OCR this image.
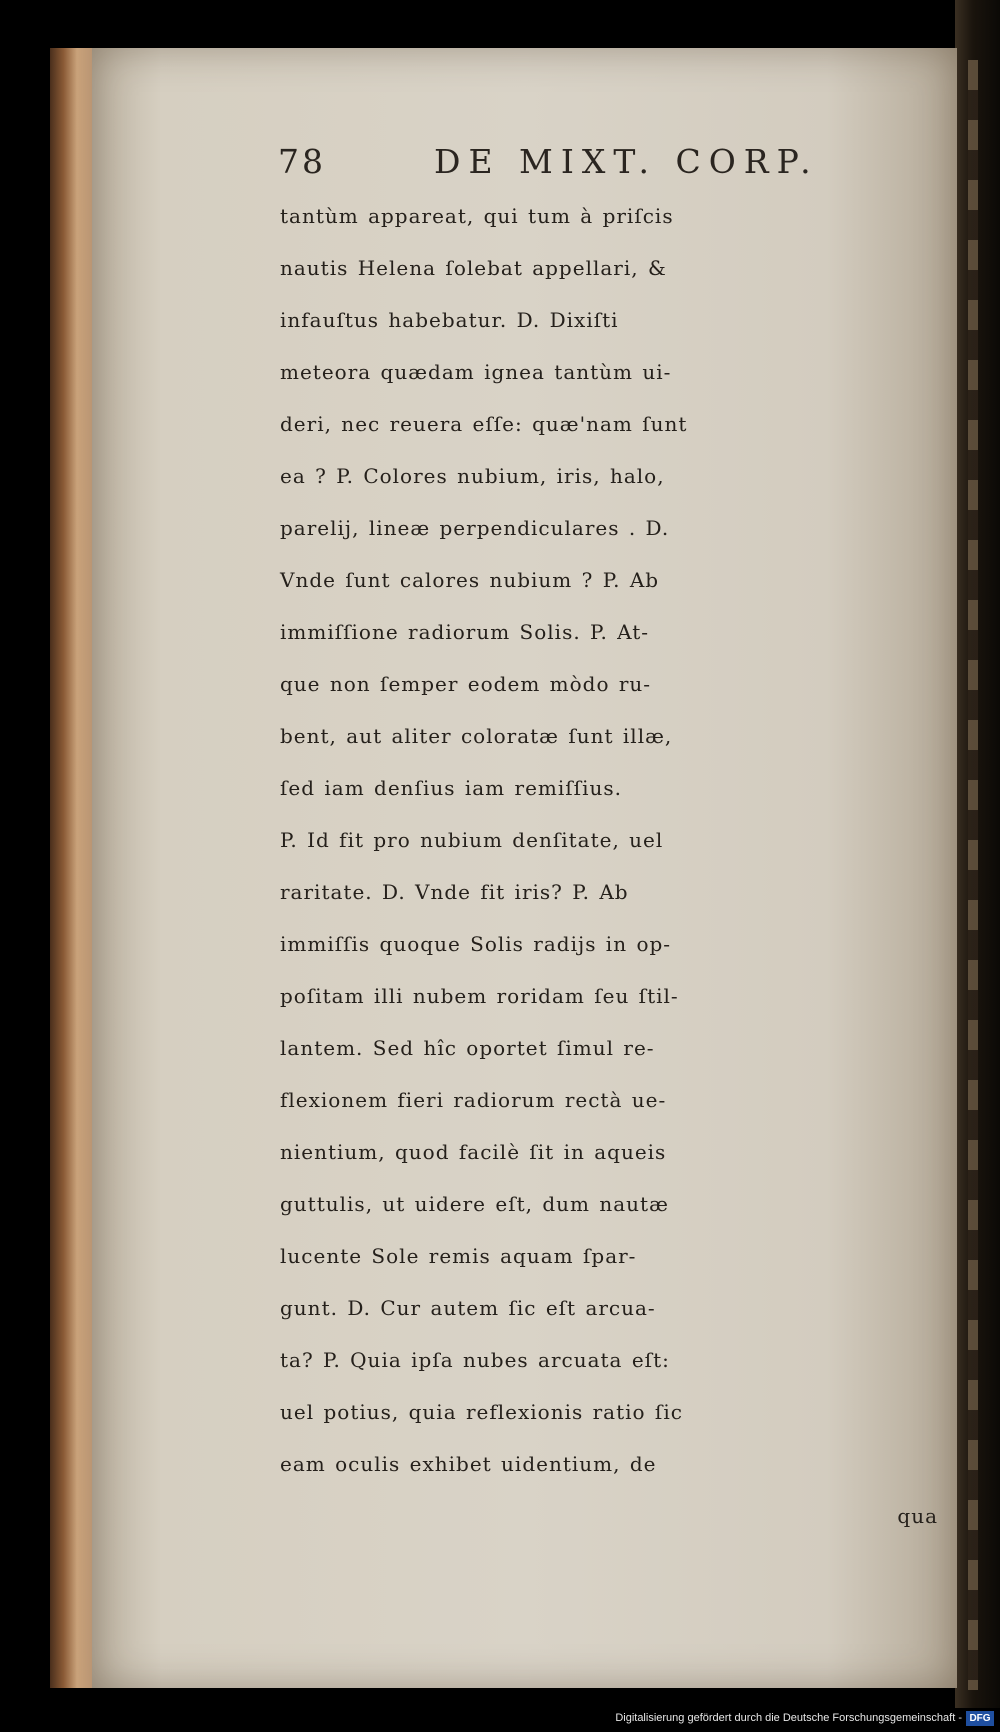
78	DE MIXT. CORP.
tantùm appareat, qui tum à priſcis
nautis Helena ſolebat appellari, &
infauſtus habebatur. D. Dixiſti
meteora quædam ignea tantùm ui-
deri, nec reuera eſſe: quæ'nam ſunt
ea ? P. Colores nubium, iris, halo,
parelij, lineæ perpendiculares . D.
Vnde ſunt calores nubium ? P. Ab
immiſſione radiorum Solis. P. At-
que non ſemper eodem mòdo ru-
bent, aut aliter coloratæ ſunt illæ,
ſed iam denſius iam remiſſius.
P. Id fit pro nubium denſitate, uel
raritate. D. Vnde fit iris? P. Ab
immiſſis quoque Solis radijs in op-
poſitam illi nubem roridam ſeu ſtil-
lantem. Sed hîc oportet ſimul re-
flexionem fieri radiorum rectà ue-
nientium, quod facilè ſit in aqueis
guttulis, ut uidere eſt, dum nautæ
lucente Sole remis aquam ſpar-
gunt. D. Cur autem ſic eſt arcua-
ta? P. Quia ipſa nubes arcuata eſt:
uel potius, quia reflexionis ratio ſic
eam oculis exhibet uidentium, de
qua
Digitalisierung gefördert durch die Deutsche Forschungsgemeinschaft - DFG
